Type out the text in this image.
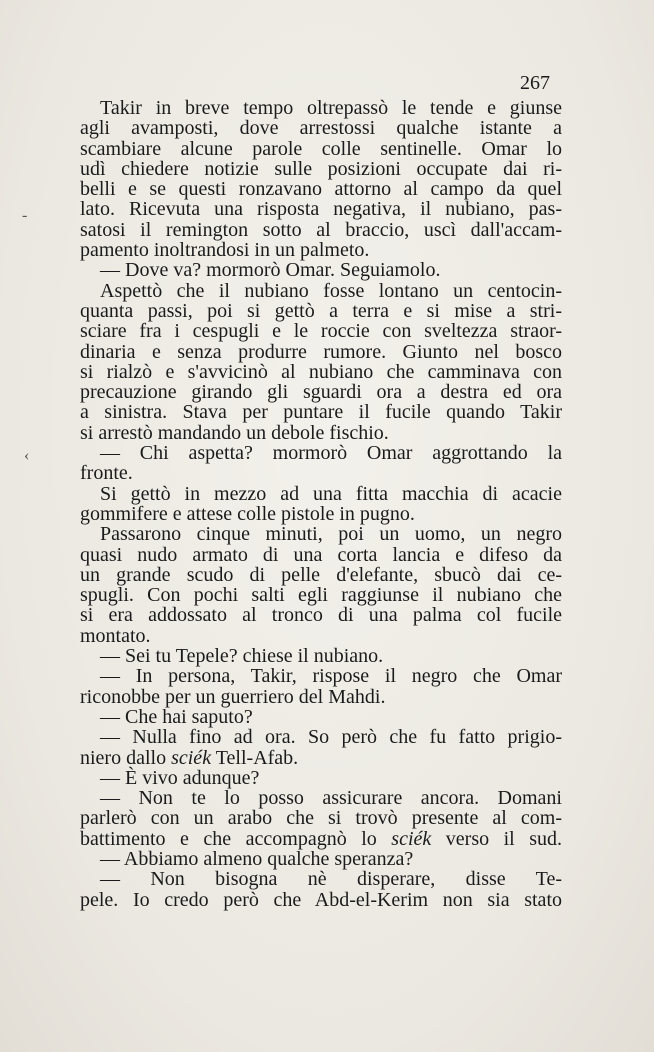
267
-
‹
Takir in breve tempo oltrepassò le tende e giunse
agli avamposti, dove arrestossi qualche istante a
scambiare alcune parole colle sentinelle. Omar lo
udì chiedere notizie sulle posizioni occupate dai ri-
belli e se questi ronzavano attorno al campo da quel
lato. Ricevuta una risposta negativa, il nubiano, pas-
satosi il remington sotto al braccio, uscì dall'accam-
pamento inoltrandosi in un palmeto.
— Dove va? mormorò Omar. Seguiamolo.
Aspettò che il nubiano fosse lontano un centocin-
quanta passi, poi si gettò a terra e si mise a stri-
sciare fra i cespugli e le roccie con sveltezza straor-
dinaria e senza produrre rumore. Giunto nel bosco
si rialzò e s'avvicinò al nubiano che camminava con
precauzione girando gli sguardi ora a destra ed ora
a sinistra. Stava per puntare il fucile quando Takir
si arrestò mandando un debole fischio.
— Chi aspetta? mormorò Omar aggrottando la
fronte.
Si gettò in mezzo ad una fitta macchia di acacie
gommifere e attese colle pistole in pugno.
Passarono cinque minuti, poi un uomo, un negro
quasi nudo armato di una corta lancia e difeso da
un grande scudo di pelle d'elefante, sbucò dai ce-
spugli. Con pochi salti egli raggiunse il nubiano che
si era addossato al tronco di una palma col fucile
montato.
— Sei tu Tepele? chiese il nubiano.
— In persona, Takir, rispose il negro che Omar
riconobbe per un guerriero del Mahdi.
— Che hai saputo?
— Nulla fino ad ora. So però che fu fatto prigio-
niero dallo sciék Tell-Afab.
— È vivo adunque?
— Non te lo posso assicurare ancora. Domani
parlerò con un arabo che si trovò presente al com-
battimento e che accompagnò lo sciék verso il sud.
— Abbiamo almeno qualche speranza?
— Non bisogna nè disperare, disse Te-
pele. Io credo però che Abd-el-Kerim non sia stato
